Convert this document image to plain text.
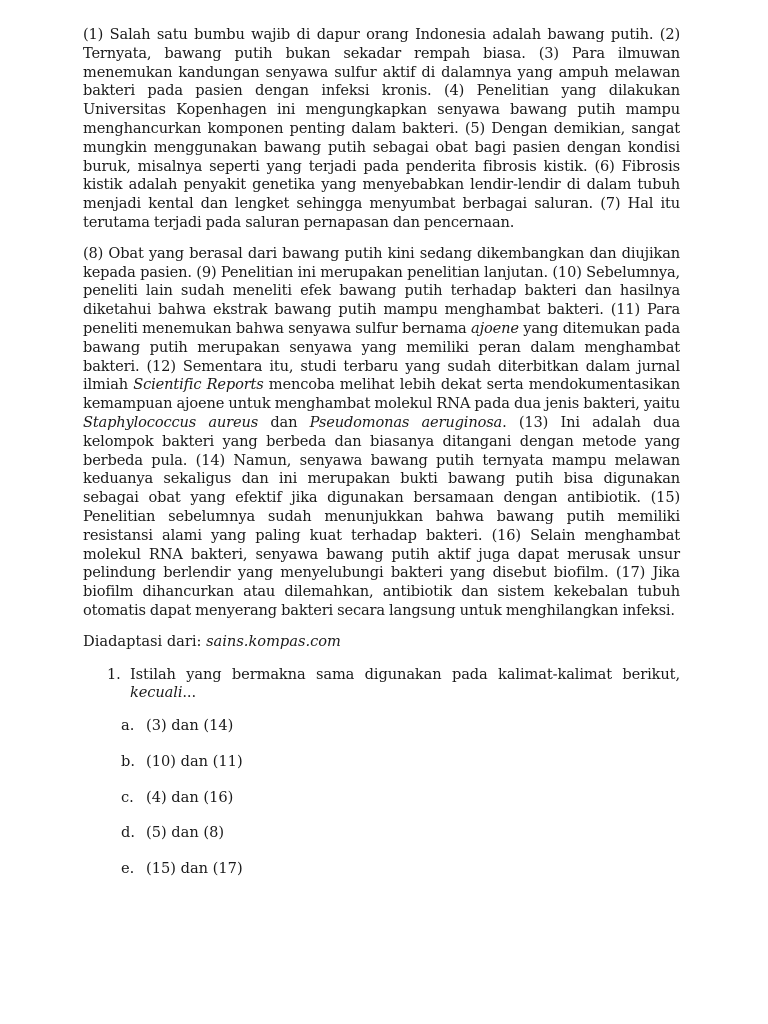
(1) Salah satu bumbu wajib di dapur orang Indonesia adalah bawang putih. (2) Ternyata, bawang putih bukan sekadar rempah biasa. (3) Para ilmuwan menemukan kandungan senyawa sulfur aktif di dalamnya yang ampuh melawan bakteri pada pasien dengan infeksi kronis. (4) Penelitian yang dilakukan Universitas Kopenhagen ini mengungkapkan senyawa bawang putih mampu menghancurkan komponen penting dalam bakteri. (5) Dengan demikian, sangat mungkin menggunakan bawang putih sebagai obat bagi pasien dengan kondisi buruk, misalnya seperti yang terjadi pada penderita fibrosis kistik. (6) Fibrosis kistik adalah penyakit genetika yang menyebabkan lendir-lendir di dalam tubuh menjadi kental dan lengket sehingga menyumbat berbagai saluran. (7) Hal itu terutama terjadi pada saluran pernapasan dan pencernaan.

(8) Obat yang berasal dari bawang putih kini sedang dikembangkan dan diujikan kepada pasien. (9) Penelitian ini merupakan penelitian lanjutan. (10) Sebelumnya, peneliti lain sudah meneliti efek bawang putih terhadap bakteri dan hasilnya diketahui bahwa ekstrak bawang putih mampu menghambat bakteri. (11) Para peneliti menemukan bahwa senyawa sulfur bernama ajoene yang ditemukan pada bawang putih merupakan senyawa yang memiliki peran dalam menghambat bakteri. (12) Sementara itu, studi terbaru yang sudah diterbitkan dalam jurnal ilmiah Scientific Reports mencoba melihat lebih dekat serta mendokumentasikan kemampuan ajoene untuk menghambat molekul RNA pada dua jenis bakteri, yaitu Staphylococcus aureus dan Pseudomonas aeruginosa. (13) Ini adalah dua kelompok bakteri yang berbeda dan biasanya ditangani dengan metode yang berbeda pula. (14) Namun, senyawa bawang putih ternyata mampu melawan keduanya sekaligus dan ini merupakan bukti bawang putih bisa digunakan sebagai obat yang efektif jika digunakan bersamaan dengan antibiotik. (15) Penelitian sebelumnya sudah menunjukkan bahwa bawang putih memiliki resistansi alami yang paling kuat terhadap bakteri. (16) Selain menghambat molekul RNA bakteri, senyawa bawang putih aktif juga dapat merusak unsur pelindung berlendir yang menyelubungi bakteri yang disebut biofilm. (17) Jika biofilm dihancurkan atau dilemahkan, antibiotik dan sistem kekebalan tubuh otomatis dapat menyerang bakteri secara langsung untuk menghilangkan infeksi.

Diadaptasi dari: sains.kompas.com

1. Istilah yang bermakna sama digunakan pada kalimat-kalimat berikut, kecuali...
a. (3) dan (14)
b. (10) dan (11)
c. (4) dan (16)
d. (5) dan (8)
e. (15) dan (17)
